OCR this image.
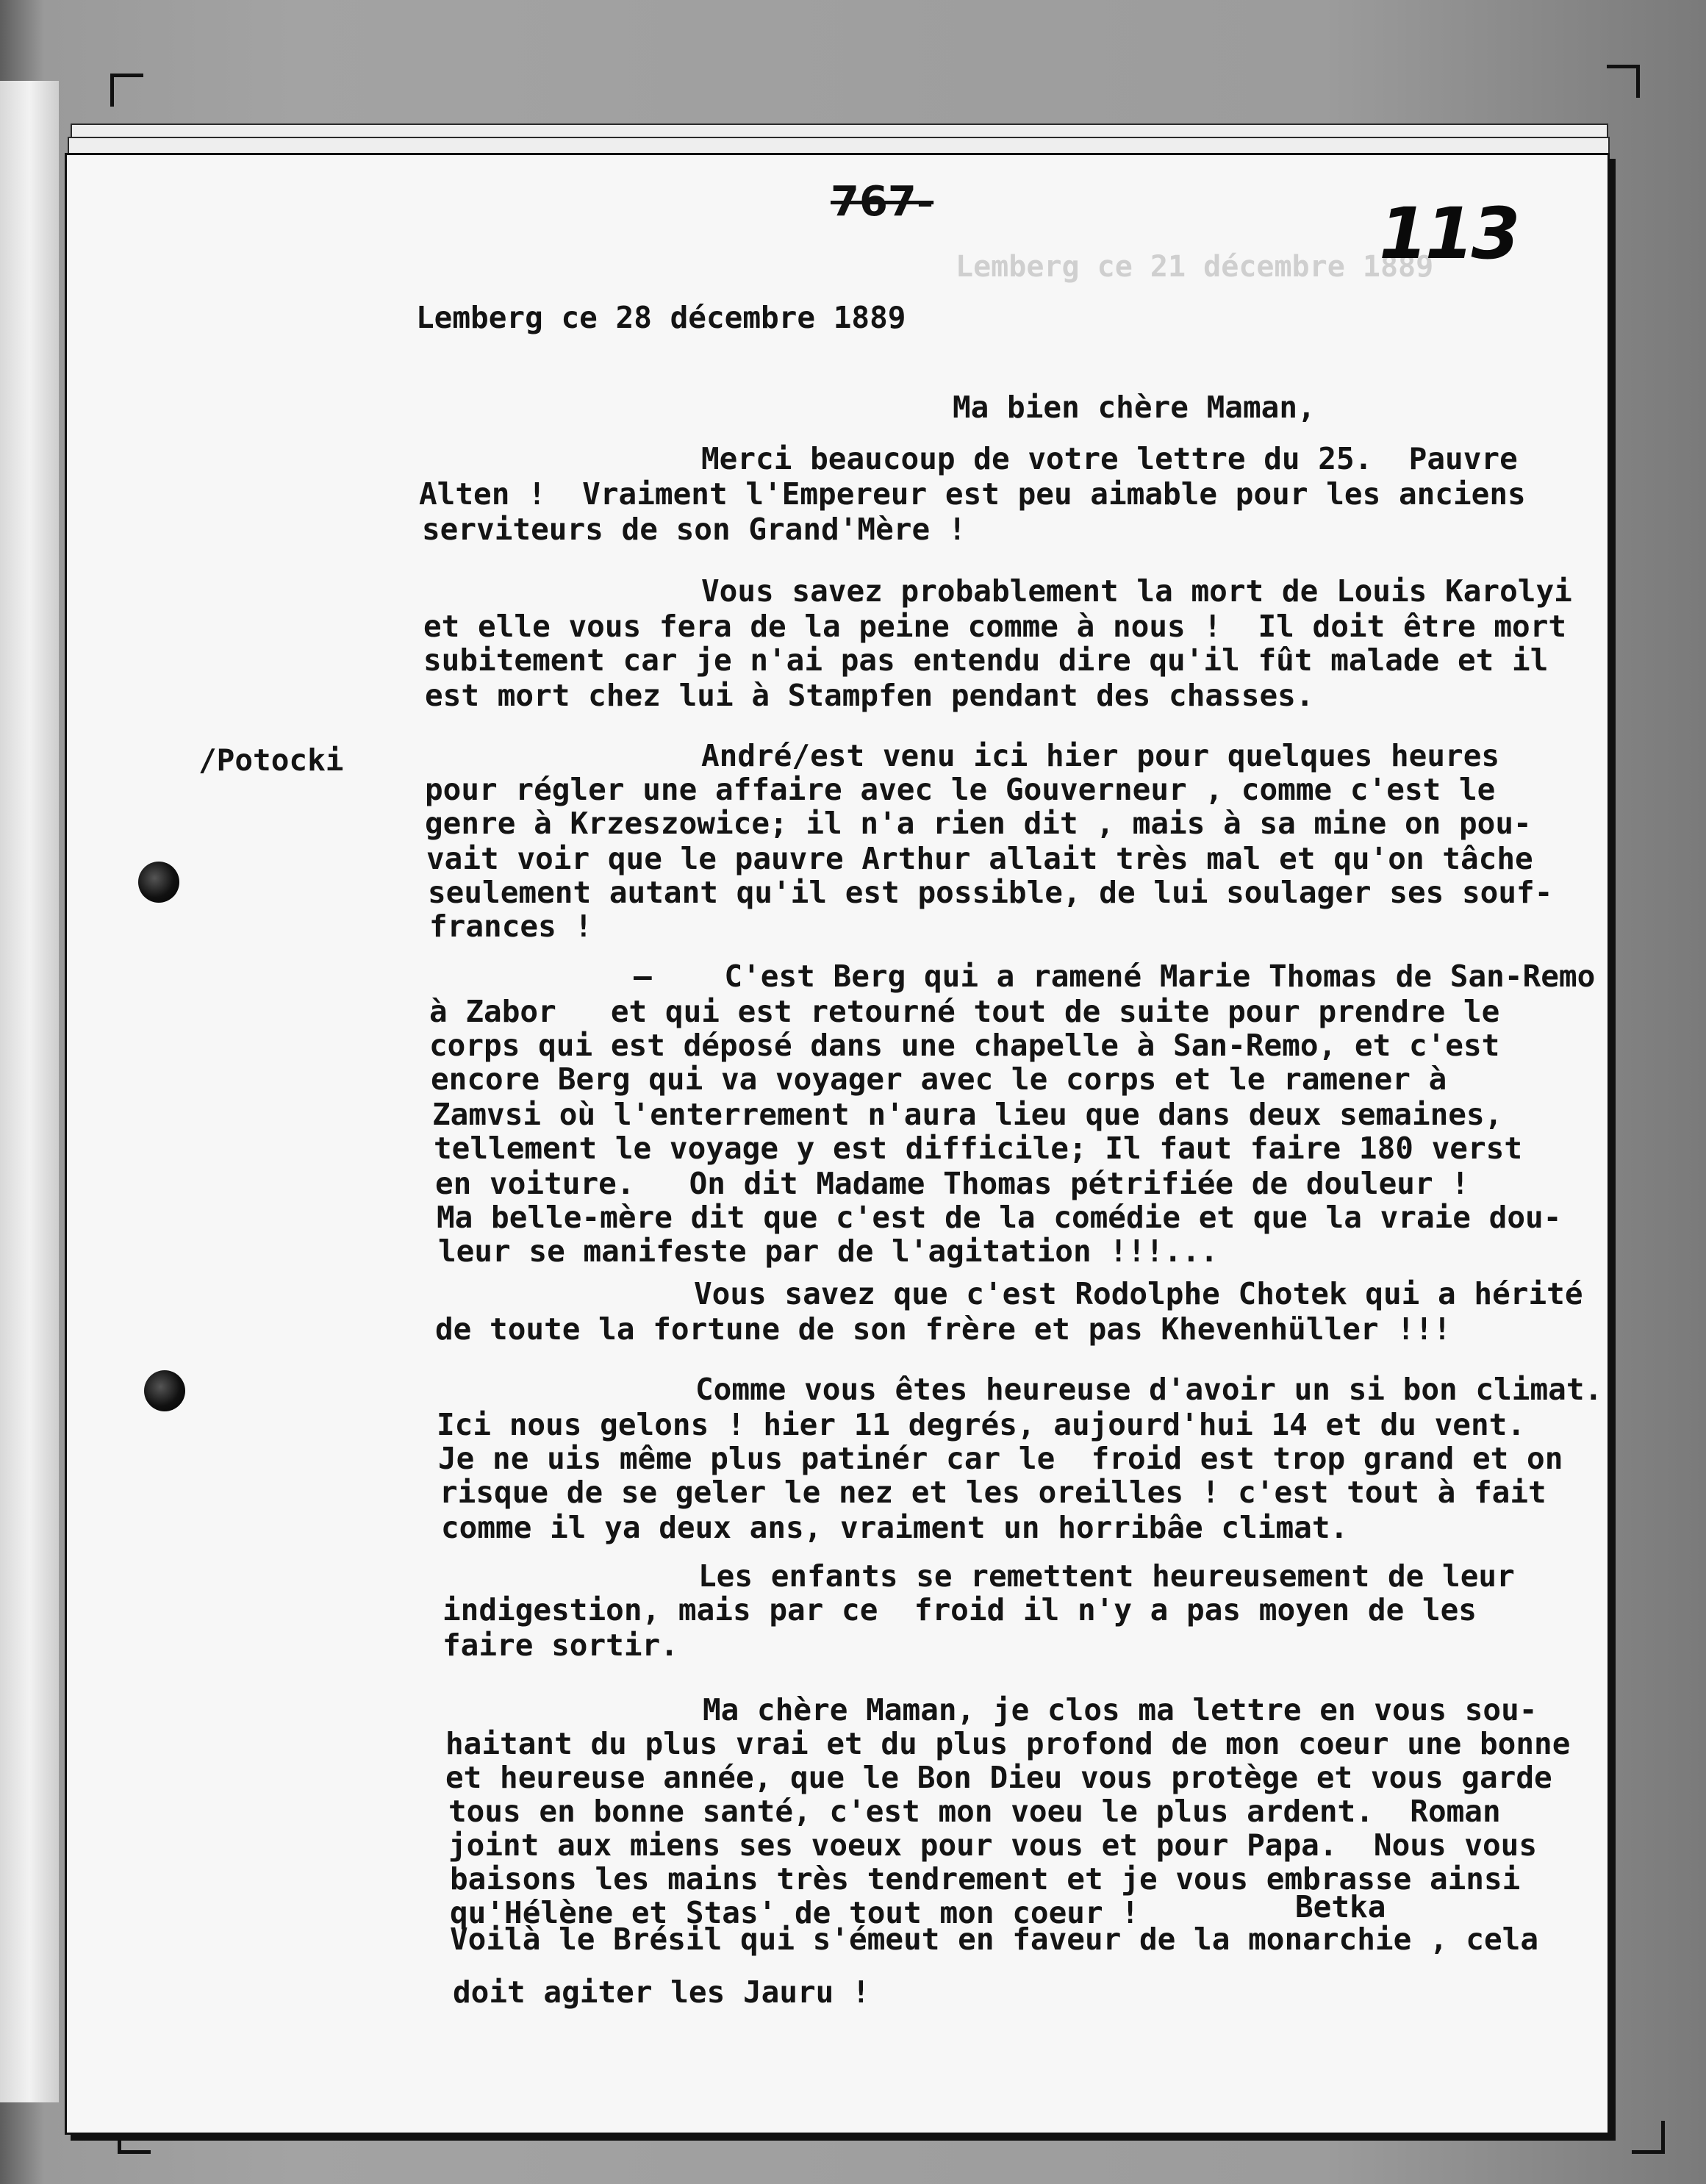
Lemberg ce 21 décembre 1889
767-	113
/Potocki
Lemberg ce 28 décembre 1889
Ma bien chère Maman,
Merci beaucoup de votre lettre du 25.  Pauvre
Alten !  Vraiment l'Empereur est peu aimable pour les anciens
serviteurs de son Grand'Mère !
Vous savez probablement la mort de Louis Karolyi
et elle vous fera de la peine comme à nous !  Il doit être mort
subitement car je n'ai pas entendu dire qu'il fût malade et il
est mort chez lui à Stampfen pendant des chasses.
André/est venu ici hier pour quelques heures
pour régler une affaire avec le Gouverneur , comme c'est le
genre à Krzeszowice; il n'a rien dit , mais à sa mine on pou-
vait voir que le pauvre Arthur allait très mal et qu'on tâche
seulement autant qu'il est possible, de lui soulager ses souf-
frances !
—    C'est Berg qui a ramené Marie Thomas de San-Remo
à Zabor   et qui est retourné tout de suite pour prendre le
corps qui est déposé dans une chapelle à San-Remo, et c'est
encore Berg qui va voyager avec le corps et le ramener à
Zamvsi où l'enterrement n'aura lieu que dans deux semaines,
tellement le voyage y est difficile; Il faut faire 180 verst
en voiture.   On dit Madame Thomas pétrifiée de douleur !
Ma belle-mère dit que c'est de la comédie et que la vraie dou-
leur se manifeste par de l'agitation !!!...
Vous savez que c'est Rodolphe Chotek qui a hérité
de toute la fortune de son frère et pas Khevenhüller !!!
Comme vous êtes heureuse d'avoir un si bon climat.
Ici nous gelons ! hier 11 degrés, aujourd'hui 14 et du vent.
Je ne uis même plus patinér car le  froid est trop grand et on
risque de se geler le nez et les oreilles ! c'est tout à fait
comme il ya deux ans, vraiment un horribâe climat.
Les enfants se remettent heureusement de leur
indigestion, mais par ce  froid il n'y a pas moyen de les
faire sortir.
Ma chère Maman, je clos ma lettre en vous sou-
haitant du plus vrai et du plus profond de mon coeur une bonne
et heureuse année, que le Bon Dieu vous protège et vous garde
tous en bonne santé, c'est mon voeu le plus ardent.  Roman
joint aux miens ses voeux pour vous et pour Papa.  Nous vous
baisons les mains très tendrement et je vous embrasse ainsi
qu'Hélène et Stas' de tout mon coeur !	Betka
Voilà le Brésil qui s'émeut en faveur de la monarchie , cela
doit agiter les Jauru !
